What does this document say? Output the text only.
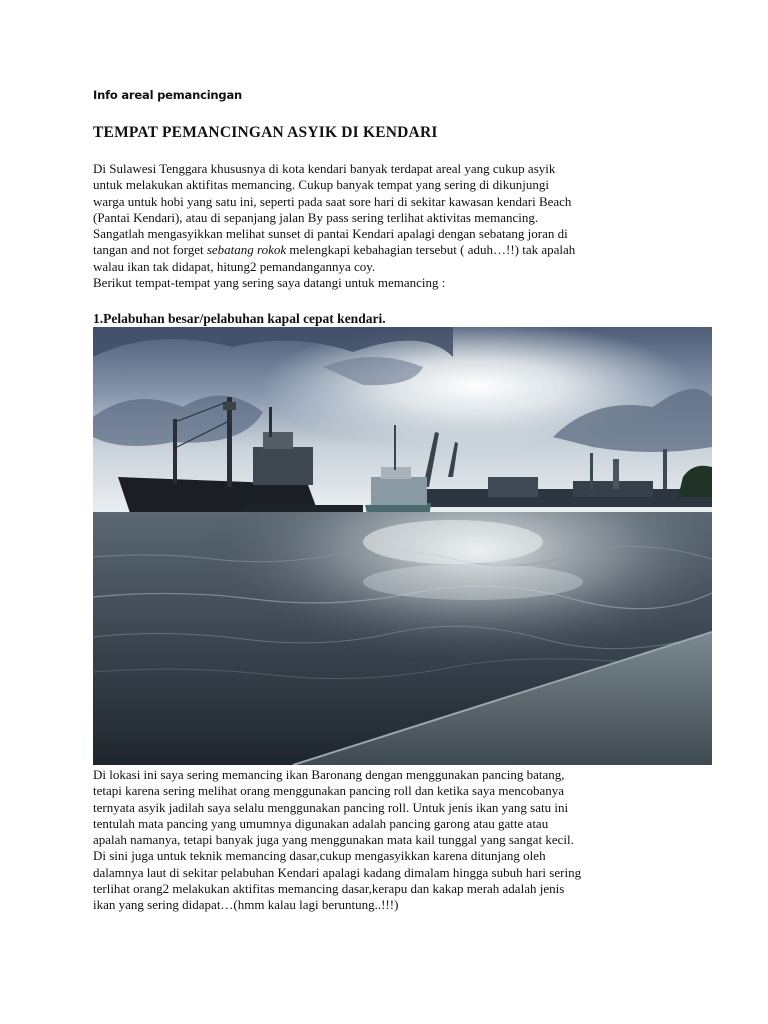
Info areal pemancingan
TEMPAT PEMANCINGAN ASYIK DI KENDARI

Di Sulawesi Tenggara khususnya di kota kendari banyak terdapat areal yang cukup asyik
untuk melakukan aktifitas memancing. Cukup banyak tempat yang sering di dikunjungi
warga untuk hobi yang satu ini, seperti pada saat sore hari di sekitar kawasan kendari Beach
(Pantai Kendari), atau di sepanjang jalan By pass sering terlihat aktivitas memancing.
Sangatlah mengasyikkan melihat sunset di pantai Kendari apalagi dengan sebatang joran di
tangan and not forget sebatang rokok melengkapi kebahagian tersebut ( aduh…!!) tak apalah
walau ikan tak didapat, hitung2 pemandangannya coy.
Berikut tempat-tempat yang sering saya datangi untuk memancing :

1.Pelabuhan besar/pelabuhan kapal cepat kendari.

Di lokasi ini saya sering memancing ikan Baronang dengan menggunakan pancing batang,
tetapi karena sering melihat orang menggunakan pancing roll dan ketika saya mencobanya
ternyata asyik jadilah saya selalu menggunakan pancing roll. Untuk jenis ikan yang satu ini
tentulah mata pancing yang umumnya digunakan adalah pancing garong atau gatte atau
apalah namanya, tetapi banyak juga yang menggunakan mata kail tunggal yang sangat kecil.
Di sini juga untuk teknik memancing dasar,cukup mengasyikkan karena ditunjang oleh
dalamnya laut di sekitar pelabuhan Kendari apalagi kadang dimalam hingga subuh hari sering
terlihat orang2 melakukan aktifitas memancing dasar,kerapu dan kakap merah adalah jenis
ikan yang sering didapat…(hmm kalau lagi beruntung..!!!)
